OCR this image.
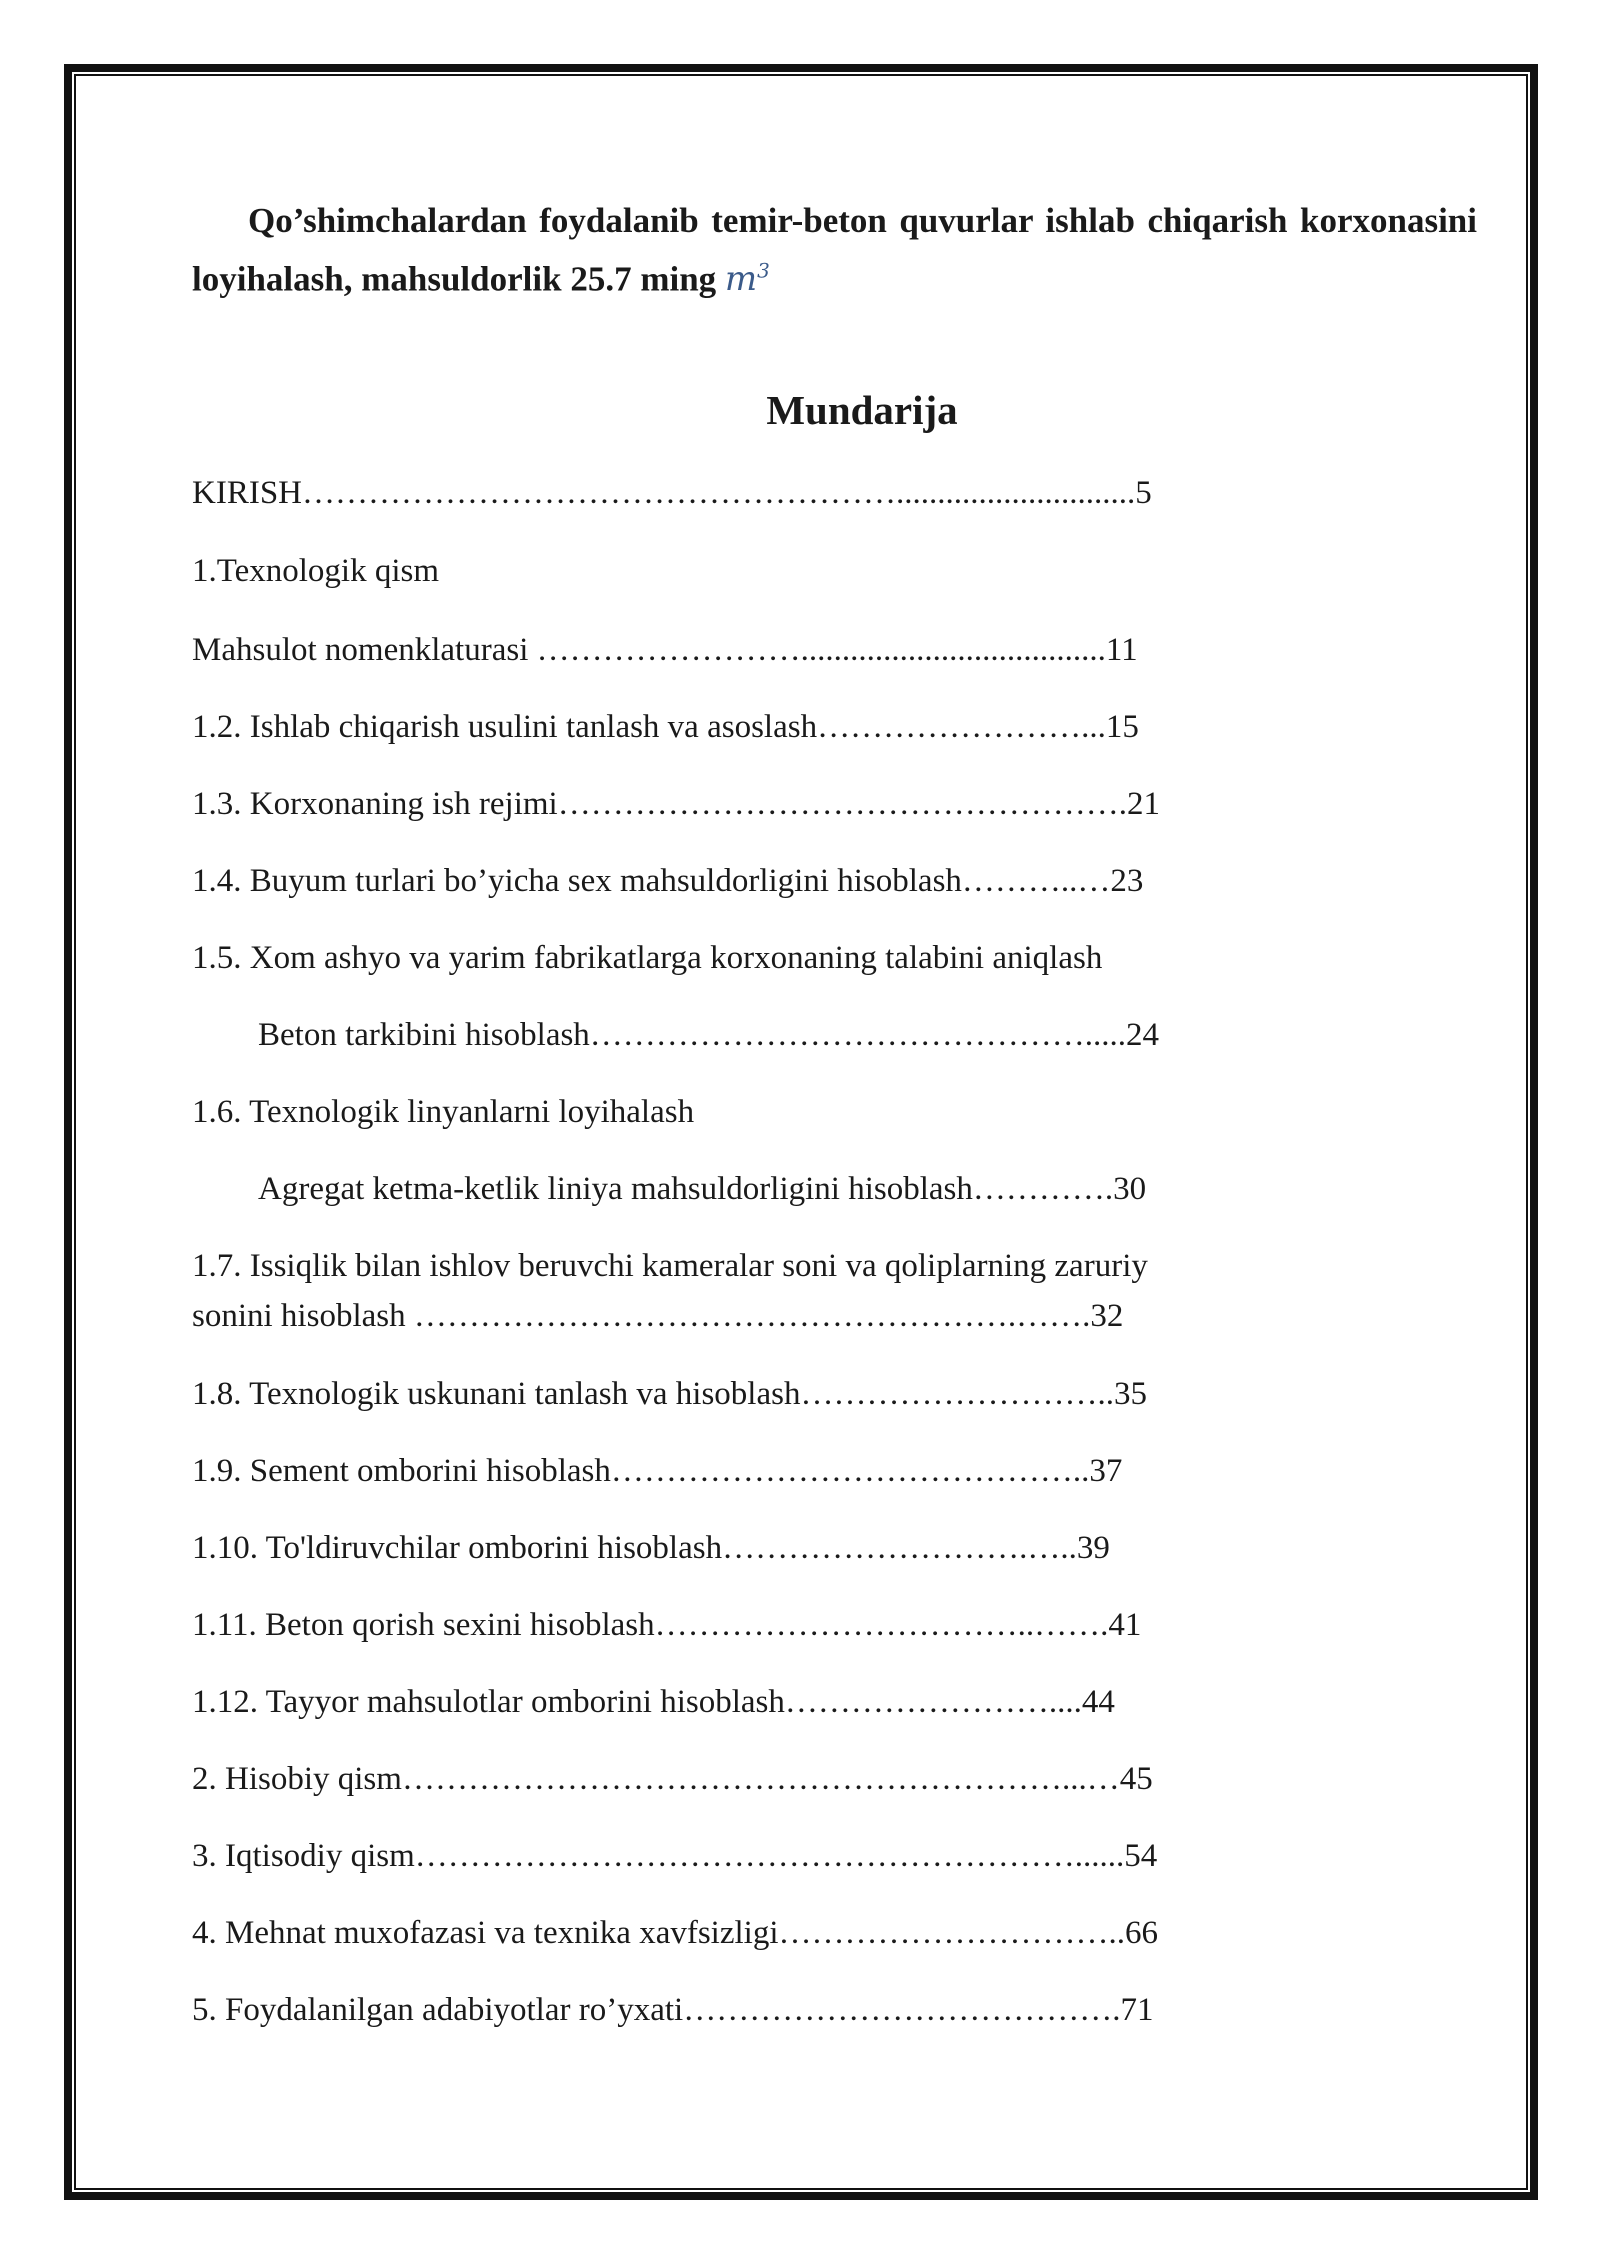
Qo’shimchalardan foydalanib temir-beton quvurlar ishlab chiqarish korxonasini loyihalash, mahsuldorlik 25.7 ming $m^3$

Mundarija

KIRISH……………………………………………….............................5

1.Texnologik qism

Mahsulot nomenklaturasi …………………….....................................11

1.2. Ishlab chiqarish usulini tanlash va asoslash……………………...15

1.3. Korxonaning ish rejimi…………………………………………….21

1.4. Buyum turlari bo’yicha sex mahsuldorligini hisoblash………..…23

1.5. Xom ashyo va yarim fabrikatlarga korxonaning talabini aniqlash

Beton tarkibini hisoblash……………………………………….....24

1.6. Texnologik linyanlarni loyihalash

Agregat ketma-ketlik liniya mahsuldorligini hisoblash………….30

1.7. Issiqlik bilan ishlov beruvchi kameralar soni va qoliplarning zaruriy

sonini hisoblash ……………………………………………….…….32

1.8. Texnologik uskunani tanlash va hisoblash………………………..35

1.9. Sement omborini hisoblash……………………………………..37

1.10. To'ldiruvchilar omborini hisoblash……………………….…..39

1.11. Beton qorish sexini hisoblash……………………………..…….41

1.12. Tayyor mahsulotlar omborini hisoblash……………………....44

2. Hisobiy qism……………………………………………………...…45

3. Iqtisodiy qism……………………………………………………......54

4. Mehnat muxofazasi va texnika xavfsizligi…………………………..66

5. Foydalanilgan adabiyotlar ro’yxati………………………………….71
